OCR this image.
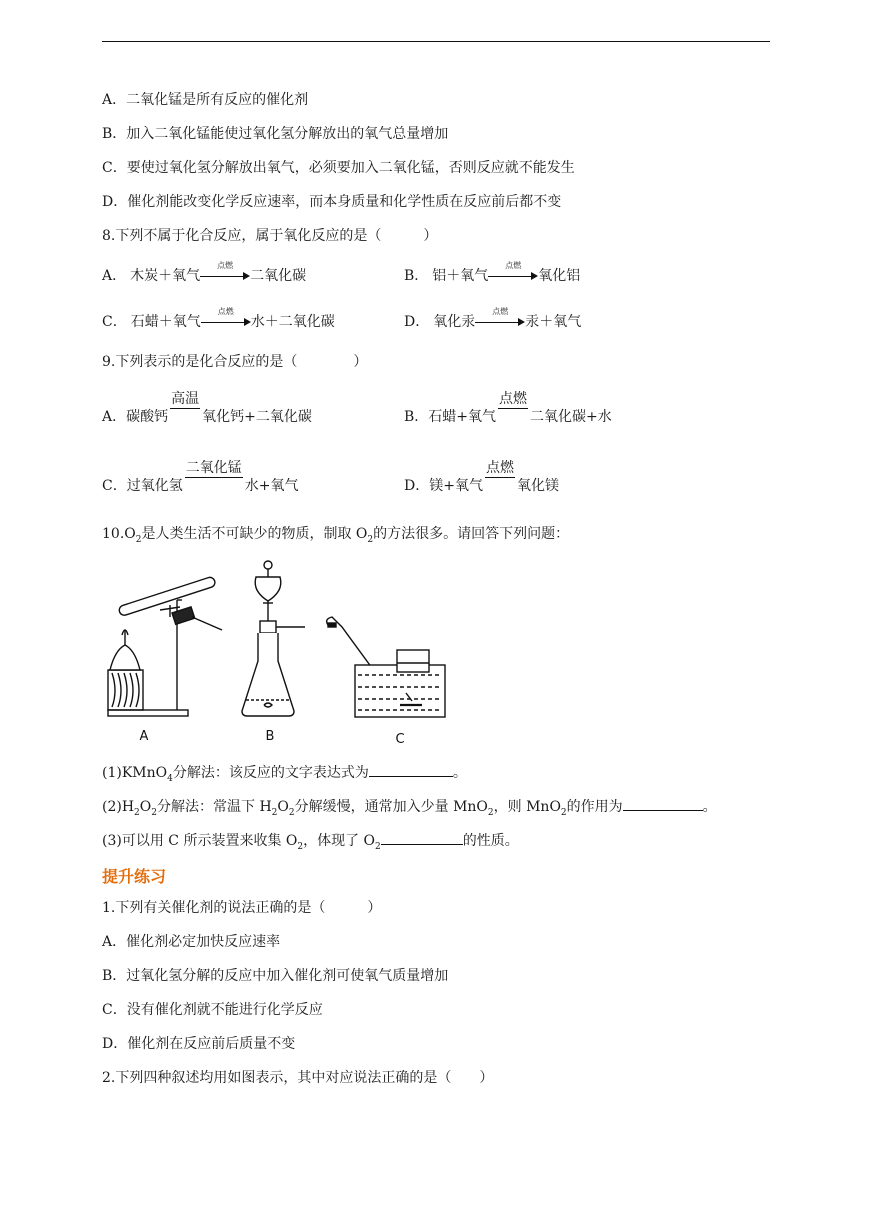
A．二氧化锰是所有反应的催化剂
B．加入二氧化锰能使过氧化氢分解放出的氧气总量增加
C．要使过氧化氢分解放出氧气，必须要加入二氧化锰，否则反应就不能发生
D．催化剂能改变化学反应速率，而本身质量和化学性质在反应前后都不变
8.下列不属于化合反应，属于氧化反应的是（　　　）
A． 木炭＋氧气
点燃
二氧化碳	B． 铝＋氧气
点燃
氧化铝
C． 石蜡＋氧气
点燃
水＋二氧化碳	D． 氧化汞
点燃
汞＋氧气
9.下列表示的是化合反应的是（　　　　）
A．碳酸钙
高温
氧化钙+二氧化碳	B．石蜡+氧气
点燃
二氧化碳+水
C．过氧化氢
二氧化锰
水+氧气	D．镁+氧气
点燃
氧化镁
$10.O_2$是人类生活不可缺少的物质，制取 $O_2$的方法很多。请回答下列问题：
A	B	C
(1)KMnO$_4$分解法：该反应的文字表达式为	。
$(2)H_2O_2$分解法：常温下 $H_2O_2$分解缓慢，通常加入少量 MnO$_2$，则 MnO$_2$的作用为	。
(3)可以用 C 所示装置来收集 $O_2$，体现了 $O_2$	的性质。
提升练习
1.下列有关催化剂的说法正确的是（　　　）
A．催化剂必定加快反应速率
B．过氧化氢分解的反应中加入催化剂可使氧气质量增加
C．没有催化剂就不能进行化学反应
D．催化剂在反应前后质量不变
2.下列四种叙述均用如图表示，其中对应说法正确的是（　　）
